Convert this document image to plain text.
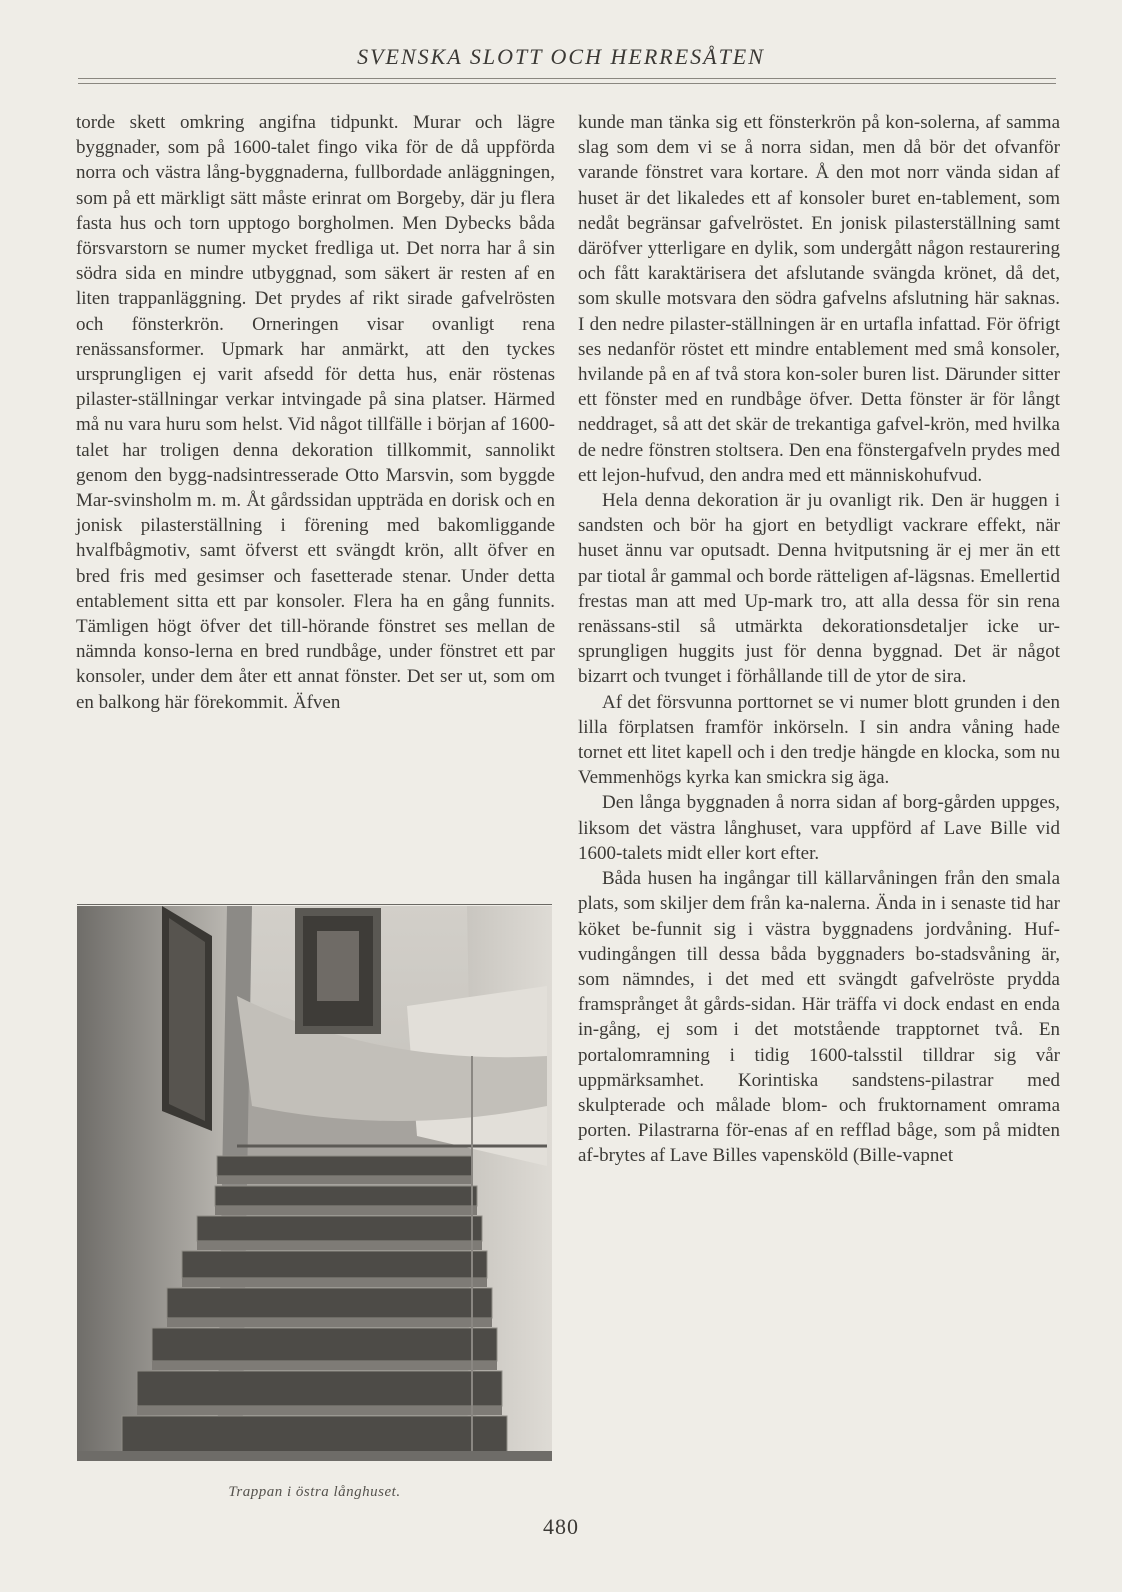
SVENSKA SLOTT OCH HERRESÅTEN

torde skett omkring angifna tidpunkt. Murar och lägre byggnader, som på 1600-talet fingo vika för de då uppförda norra och västra lång-byggnaderna, fullbordade anläggningen, som på ett märkligt sätt måste erinrat om Borgeby, där ju flera fasta hus och torn upptogo borgholmen. Men Dybecks båda försvarstorn se numer mycket fredliga ut. Det norra har å sin södra sida en mindre utbyggnad, som säkert är resten af en liten trappanläggning. Det prydes af rikt sirade gafvelrösten och fönsterkrön. Orneringen visar ovanligt rena renässansformer. Upmark har anmärkt, att den tyckes ursprungligen ej varit afsedd för detta hus, enär röstenas pilaster-ställningar verkar intvingade på sina platser. Härmed må nu vara huru som helst. Vid något tillfälle i början af 1600-talet har troligen denna dekoration tillkommit, sannolikt genom den bygg-nadsintresserade Otto Marsvin, som byggde Mar-svinsholm m. m. Åt gårdssidan uppträda en dorisk och en jonisk pilasterställning i förening med bakomliggande hvalfbågmotiv, samt öfverst ett svängdt krön, allt öfver en bred fris med gesimser och fasetterade stenar. Under detta entablement sitta ett par konsoler. Flera ha en gång funnits. Tämligen högt öfver det till-hörande fönstret ses mellan de nämnda konso-lerna en bred rundbåge, under fönstret ett par konsoler, under dem åter ett annat fönster. Det ser ut, som om en balkong här förekommit. Äfven

Trappan i östra långhuset.

kunde man tänka sig ett fönsterkrön på kon-solerna, af samma slag som dem vi se å norra sidan, men då bör det ofvanför varande fönstret vara kortare. Å den mot norr vända sidan af huset är det likaledes ett af konsoler buret en-tablement, som nedåt begränsar gafvelröstet. En jonisk pilasterställning samt däröfver ytterligare en dylik, som undergått någon restaurering och fått karaktärisera det afslutande svängda krönet, då det, som skulle motsvara den södra gafvelns afslutning här saknas. I den nedre pilaster-ställningen är en urtafla infattad. För öfrigt ses nedanför röstet ett mindre entablement med små konsoler, hvilande på en af två stora kon-soler buren list. Därunder sitter ett fönster med en rundbåge öfver. Detta fönster är för långt neddraget, så att det skär de trekantiga gafvel-krön, med hvilka de nedre fönstren stoltsera. Den ena fönstergafveln prydes med ett lejon-hufvud, den andra med ett människohufvud.

Hela denna dekoration är ju ovanligt rik. Den är huggen i sandsten och bör ha gjort en betydligt vackrare effekt, när huset ännu var oputsadt. Denna hvitputsning är ej mer än ett par tiotal år gammal och borde rätteligen af-lägsnas. Emellertid frestas man att med Up-mark tro, att alla dessa för sin rena renässans-stil så utmärkta dekorationsdetaljer icke ur-sprungligen huggits just för denna byggnad. Det är något bizarrt och tvunget i förhållande till de ytor de sira.

Af det försvunna porttornet se vi numer blott grunden i den lilla förplatsen framför inkörseln. I sin andra våning hade tornet ett litet kapell och i den tredje hängde en klocka, som nu Vemmenhögs kyrka kan smickra sig äga.

Den långa byggnaden å norra sidan af borg-gården uppges, liksom det västra långhuset, vara uppförd af Lave Bille vid 1600-talets midt eller kort efter.

Båda husen ha ingångar till källarvåningen från den smala plats, som skiljer dem från ka-nalerna. Ända in i senaste tid har köket be-funnit sig i västra byggnadens jordvåning. Huf-vudingången till dessa båda byggnaders bo-stadsvåning är, som nämndes, i det med ett svängdt gafvelröste prydda framsprånget åt gårds-sidan. Här träffa vi dock endast en enda in-gång, ej som i det motstående trapptornet två. En portalomramning i tidig 1600-talsstil tilldrar sig vår uppmärksamhet. Korintiska sandstens-pilastrar med skulpterade och målade blom- och fruktornament omrama porten. Pilastrarna för-enas af en refflad båge, som på midten af-brytes af Lave Billes vapensköld (Bille-vapnet

480
